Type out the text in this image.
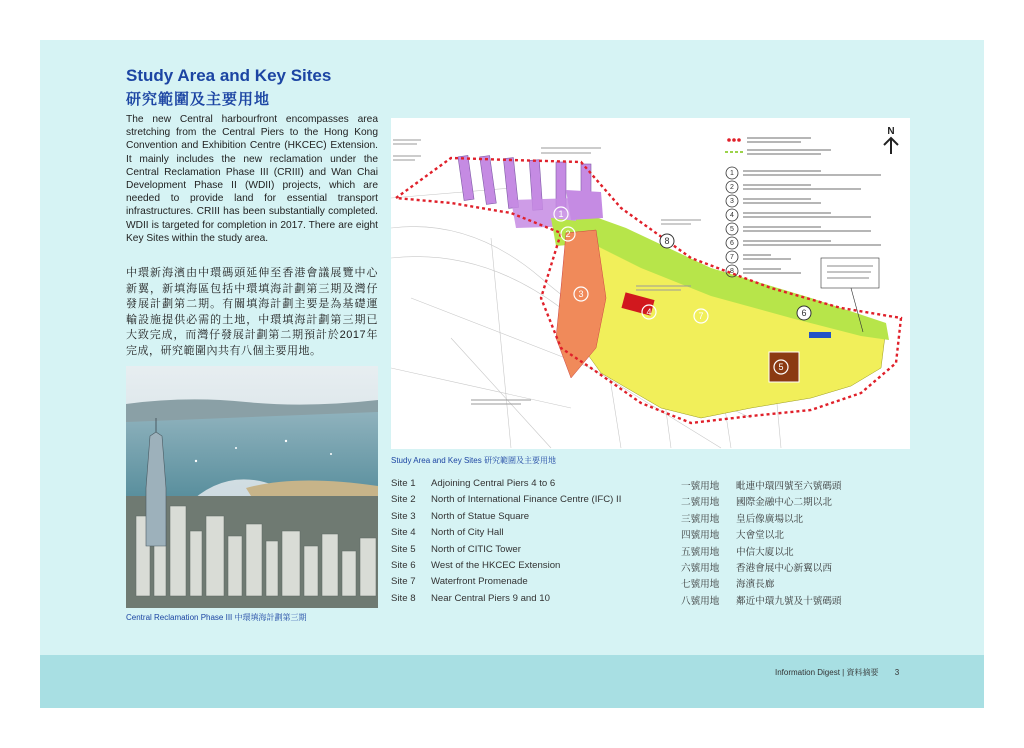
Study Area and Key Sites
研究範圍及主要用地
The new Central harbourfront encompasses area stretching from the Central Piers to the Hong Kong Convention and Exhibition Centre (HKCEC) Extension. It mainly includes the new reclamation under the Central Reclamation Phase III (CRIII) and Wan Chai Development Phase II (WDII) projects, which are needed to provide land for essential transport infrastructures. CRIII has been substantially completed. WDII is targeted for completion in 2017. There are eight Key Sites within the study area.
中環新海濱由中環碼頭延伸至香港會議展覽中心新翼，新填海區包括中環填海計劃第三期及灣仔發展計劃第二期。有關填海計劃主要是為基礎運輸設施提供必需的土地，中環填海計劃第三期已大致完成，而灣仔發展計劃第二期預計於2017年完成，研究範圍內共有八個主要用地。
Central Reclamation Phase III 中環填海計劃第三期
1
2
3
4
5
6
7
8
1
2
3
4
5
6
7
8
N
Study Area and Key Sites 研究範圍及主要用地
Site 1 Adjoining Central Piers 4 to 6	一號用地 毗連中環四號至六號碼頭
Site 2 North of International Finance Centre (IFC) II	二號用地 國際金融中心二期以北
Site 3 North of Statue Square	三號用地 皇后像廣場以北
Site 4 North of City Hall	四號用地 大會堂以北
Site 5 North of CITIC Tower	五號用地 中信大廈以北
Site 6 West of the HKCEC Extension	六號用地 香港會展中心新翼以西
Site 7 Waterfront Promenade	七號用地 海濱長廊
Site 8 Near Central Piers 9 and 10	八號用地 鄰近中環九號及十號碼頭
Information Digest | 資料摘要 3
